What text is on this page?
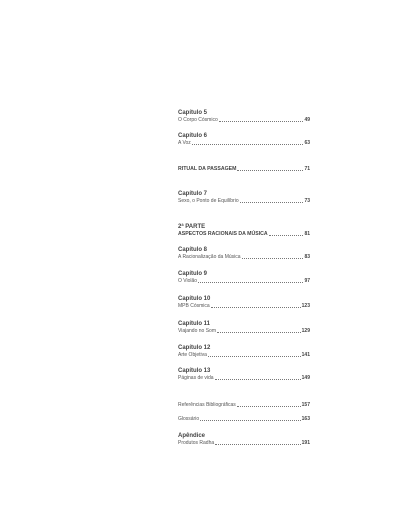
Capítulo 5
O Corpo Cósmico	49
Capítulo 6
A Voz	63
RITUAL DA PASSAGEM	71
Capítulo 7
Sexo, o Ponto de Equilíbrio	73
2ª PARTE
ASPECTOS RACIONAIS DA MÚSICA	81
Capítulo 8
A Racionalização da Música	83
Capítulo 9
O Violão	97
Capítulo 10
MPB Cósmica	123
Capítulo 11
Viajando no Som	129
Capítulo 12
Arte Objetiva	141
Capítulo 13
Páginas de vida	149
Referências Bibliográficas	157
Glossário	163
Apêndice
Produtos Radha	191
